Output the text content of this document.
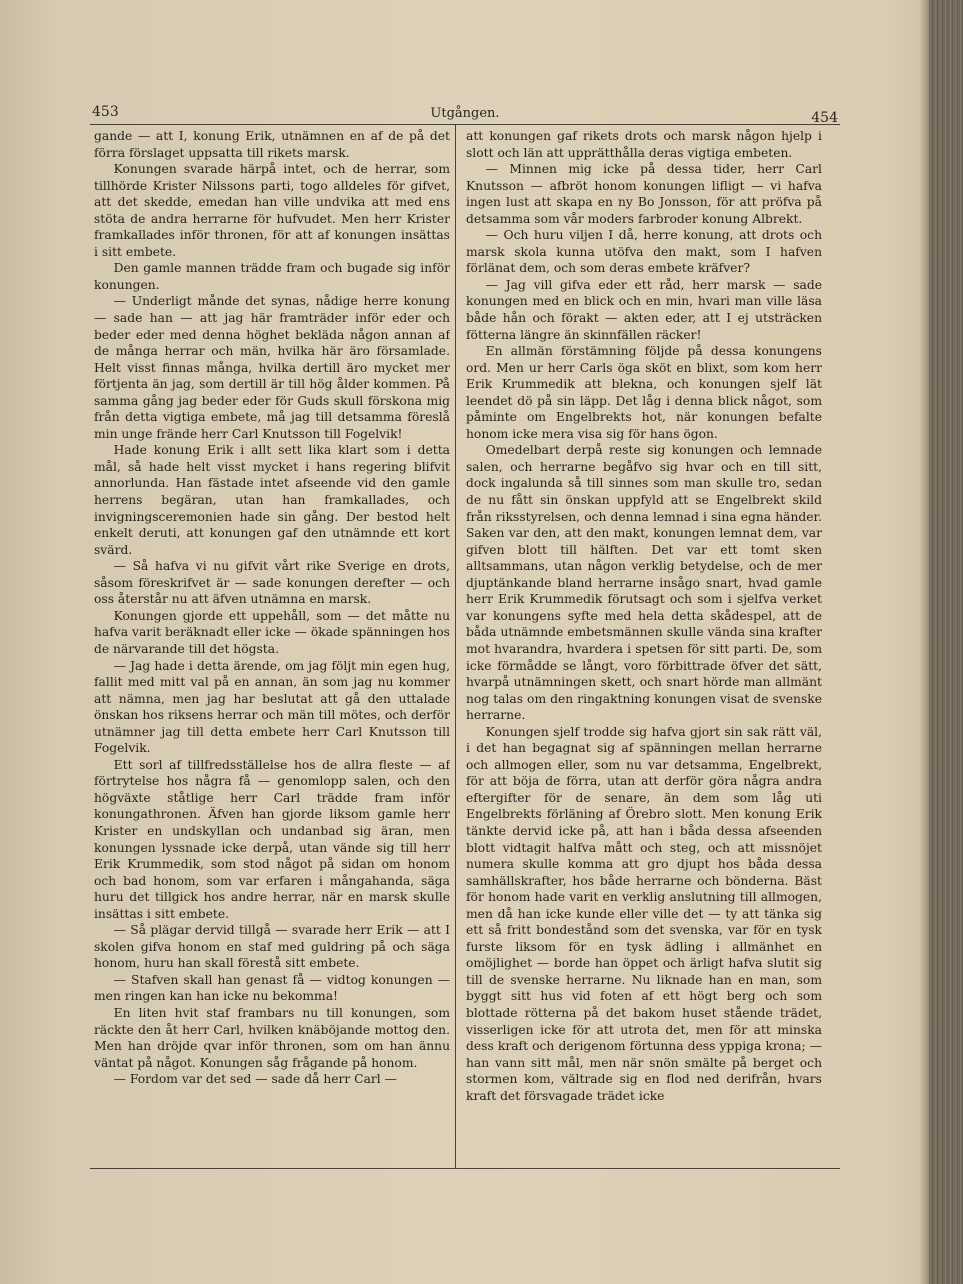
453	Utgången.	454

gande — att I, konung Erik, utnämnen en af de på det förra förslaget uppsatta till rikets marsk.

Konungen svarade härpå intet, och de herrar, som tillhörde Krister Nilssons parti, togo alldeles för gifvet, att det skedde, emedan han ville undvika att med ens stöta de andra herrarne för hufvudet. Men herr Krister framkallades inför thronen, för att af konungen insättas i sitt embete.

Den gamle mannen trädde fram och bugade sig inför konungen.

— Underligt månde det synas, nådige herre konung — sade han — att jag här framträder inför eder och beder eder med denna höghet bekläda någon annan af de många herrar och män, hvilka här äro församlade. Helt visst finnas många, hvilka dertill äro mycket mer förtjenta än jag, som dertill är till hög ålder kommen. På samma gång jag beder eder för Guds skull förskona mig från detta vigtiga embete, må jag till detsamma föreslå min unge frände herr Carl Knutsson till Fogelvik!

Hade konung Erik i allt sett lika klart som i detta mål, så hade helt visst mycket i hans regering blifvit annorlunda. Han fästade intet afseende vid den gamle herrens begäran, utan han framkallades, och invigningsceremonien hade sin gång. Der bestod helt enkelt deruti, att konungen gaf den utnämnde ett kort svärd.

— Så hafva vi nu gifvit vårt rike Sverige en drots, såsom föreskrifvet är — sade konungen derefter — och oss återstår nu att äfven utnämna en marsk.

Konungen gjorde ett uppehåll, som — det måtte nu hafva varit beräknadt eller icke — ökade spänningen hos de närvarande till det högsta.

— Jag hade i detta ärende, om jag följt min egen hug, fallit med mitt val på en annan, än som jag nu kommer att nämna, men jag har beslutat att gå den uttalade önskan hos riksens herrar och män till mötes, och derför utnämner jag till detta embete herr Carl Knutsson till Fogelvik.

Ett sorl af tillfredsställelse hos de allra fleste — af förtrytelse hos några få — genomlopp salen, och den högväxte ståtlige herr Carl trädde fram inför konungathronen. Äfven han gjorde liksom gamle herr Krister en undskyllan och undanbad sig äran, men konungen lyssnade icke derpå, utan vände sig till herr Erik Krummedik, som stod något på sidan om honom och bad honom, som var erfaren i mångahanda, säga huru det tillgick hos andre herrar, när en marsk skulle insättas i sitt embete.

— Så plägar dervid tillgå — svarade herr Erik — att I skolen gifva honom en staf med guldring på och säga honom, huru han skall förestå sitt embete.

— Stafven skall han genast få — vidtog konungen — men ringen kan han icke nu bekomma!

En liten hvit staf frambars nu till konungen, som räckte den åt herr Carl, hvilken knäböjande mottog den. Men han dröjde qvar inför thronen, som om han ännu väntat på något. Konungen såg frågande på honom.

— Fordom var det sed — sade då herr Carl —

att konungen gaf rikets drots och marsk någon hjelp i slott och län att upprätthålla deras vigtiga embeten.

— Minnen mig icke på dessa tider, herr Carl Knutsson — afbröt honom konungen lifligt — vi hafva ingen lust att skapa en ny Bo Jonsson, för att pröfva på detsamma som vår moders farbroder konung Albrekt.

— Och huru viljen I då, herre konung, att drots och marsk skola kunna utöfva den makt, som I hafven förlänat dem, och som deras embete kräfver?

— Jag vill gifva eder ett råd, herr marsk — sade konungen med en blick och en min, hvari man ville läsa både hån och förakt — akten eder, att I ej utsträcken fötterna längre än skinnfällen räcker!

En allmän förstämning följde på dessa konungens ord. Men ur herr Carls öga sköt en blixt, som kom herr Erik Krummedik att blekna, och konungen sjelf lät leendet dö på sin läpp. Det låg i denna blick något, som påminte om Engelbrekts hot, när konungen befalte honom icke mera visa sig för hans ögon.

Omedelbart derpå reste sig konungen och lemnade salen, och herrarne begåfvo sig hvar och en till sitt, dock ingalunda så till sinnes som man skulle tro, sedan de nu fått sin önskan uppfyld att se Engelbrekt skild från riksstyrelsen, och denna lemnad i sina egna händer. Saken var den, att den makt, konungen lemnat dem, var gifven blott till hälften. Det var ett tomt sken alltsammans, utan någon verklig betydelse, och de mer djuptänkande bland herrarne insågo snart, hvad gamle herr Erik Krummedik förutsagt och som i sjelfva verket var konungens syfte med hela detta skådespel, att de båda utnämnde embetsmännen skulle vända sina krafter mot hvarandra, hvardera i spetsen för sitt parti. De, som icke förmådde se långt, voro förbittrade öfver det sätt, hvarpå utnämningen skett, och snart hörde man allmänt nog talas om den ringaktning konungen visat de svenske herrarne.

Konungen sjelf trodde sig hafva gjort sin sak rätt väl, i det han begagnat sig af spänningen mellan herrarne och allmogen eller, som nu var detsamma, Engelbrekt, för att böja de förra, utan att derför göra några andra eftergifter för de senare, än dem som låg uti Engelbrekts förläning af Örebro slott. Men konung Erik tänkte dervid icke på, att han i båda dessa afseenden blott vidtagit halfva mått och steg, och att missnöjet numera skulle komma att gro djupt hos båda dessa samhällskrafter, hos både herrarne och bönderna. Bäst för honom hade varit en verklig anslutning till allmogen, men då han icke kunde eller ville det — ty att tänka sig ett så fritt bondestånd som det svenska, var för en tysk furste liksom för en tysk ädling i allmänhet en omöjlighet — borde han öppet och ärligt hafva slutit sig till de svenske herrarne. Nu liknade han en man, som byggt sitt hus vid foten af ett högt berg och som blottade rötterna på det bakom huset stående trädet, visserligen icke för att utrota det, men för att minska dess kraft och derigenom förtunna dess yppiga krona; — han vann sitt mål, men när snön smälte på berget och stormen kom, vältrade sig en flod ned derifrån, hvars kraft det försvagade trädet icke
